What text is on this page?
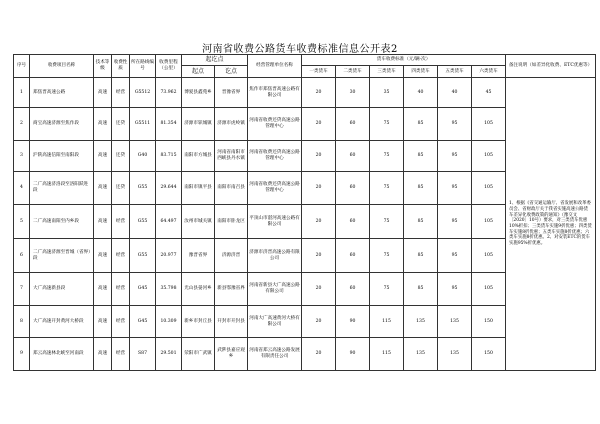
河南省收费公路货车收费标准信息公开表2
序号	收费项目名称	技术等级	收费性质	所在路线编号	收费里程（公里）	起讫点		经营管理单位名称	货车收费标准（元/辆·次）						备注说明（如差异化收费、ETC优惠等）
						起点	讫点		一类货车	二类货车	三类货车	四类货车	五类货车	六类货车	
1	郑焦晋高速公路	高速	经营	G5512	73.962	博爱县鑫苑乡	晋豫省界	焦作市郑焦晋高速公路有限公司	20	30	35	40	40	45	1、根据《省交通运输厅、省发展和改革委员会、省财政厅关于我省实施高速公路货车差异化收费政策的通知》（豫交文〔2020〕10号）要求，对三类货车优惠10%折扣；三类货车实施9折优惠；四类货车实施8折优惠；五类车实施8折优惠；六类车实施8折优惠。2、对安装ETC的货车实施95%折优惠。
2	商宝高速济源至焦作段	高速	还贷	G5511	81.354	济源市轵城镇	济源市虎岭镇	河南省收费还贷高速公路管理中心	20	60	75	85	95	105	
3	沪陕高速信阳至南阳段	高速	还贷	G40	83.715	南阳市方城县	河南省南阳市西峡县丹水镇	河南省收费还贷高速公路管理中心	20	60	75	85	95	105	
4	二广高速济洛段至洛阳跃进段	高速	还贷	G55	29.644	南阳市镇平县	南阳市南召县	河南省收费还贷高速公路管理中心	20	60	75	85	95	105	
5	二广高速南阳至内乡段	高速	经营	G55	64.497	汝州市城关镇	南阳市卧龙区	平顶山市湛河高速公路有限公司	20	60	75	85	95	105	
6	二广高速济源至晋城（省界）段	高速	经营	G55	20.977	豫晋省界	济源济晋	济源市济晋高速公路有限公司	20	60	75	85	95	105	
7	大广高速新县段	高速	经营	G45	35.798	光山县晏河乡	新县鄂豫省界	河南省新县大广高速公路有限公司	20	60	75	85	95	105	
8	大广高速开封黄河大桥段	高速	经营	G45	10.309	新乡市封丘县	开封市开封县	河南大广高速黄河大桥有限公司	20	90	115	135	135	150	
9	郑云高速林北峡至河南段	高速	经营	S87	29.501	荥阳市广武镇	武陟县嘉应观乡	河南省郑云高速公路发展有限责任公司	20	90	115	135	135	150	
